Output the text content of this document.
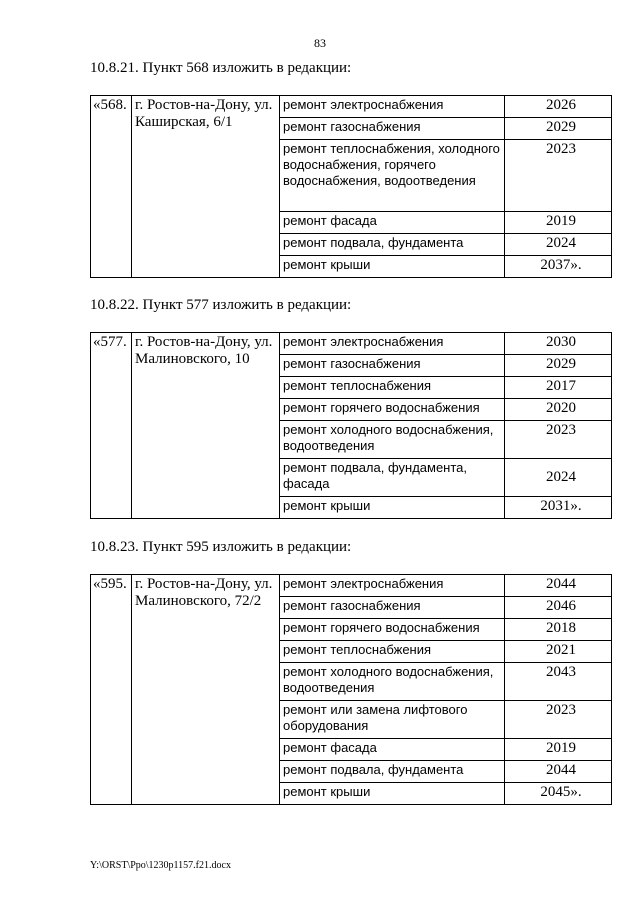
83
10.8.21. Пункт 568 изложить в редакции:
«568.	г. Ростов-на-Дону, ул. Каширская, 6/1	ремонт электроснабжения	2026
		ремонт газоснабжения	2029
		ремонт теплоснабжения, холодного водоснабжения, горячего водоснабжения, водоотведения	2023
		ремонт фасада	2019
		ремонт подвала, фундамента	2024
		ремонт крыши	2037».
10.8.22. Пункт 577 изложить в редакции:
«577.	г. Ростов-на-Дону, ул. Малиновского, 10	ремонт электроснабжения	2030
		ремонт газоснабжения	2029
		ремонт теплоснабжения	2017
		ремонт горячего водоснабжения	2020
		ремонт холодного водоснабжения, водоотведения	2023
		ремонт подвала, фундамента, фасада	2024
		ремонт крыши	2031».
10.8.23. Пункт 595 изложить в редакции:
«595.	г. Ростов-на-Дону, ул. Малиновского, 72/2	ремонт электроснабжения	2044
		ремонт газоснабжения	2046
		ремонт горячего водоснабжения	2018
		ремонт теплоснабжения	2021
		ремонт холодного водоснабжения, водоотведения	2043
		ремонт или замена лифтового оборудования	2023
		ремонт фасада	2019
		ремонт подвала, фундамента	2044
		ремонт крыши	2045».
Y:\ORST\Ppo\1230p1157.f21.docx
